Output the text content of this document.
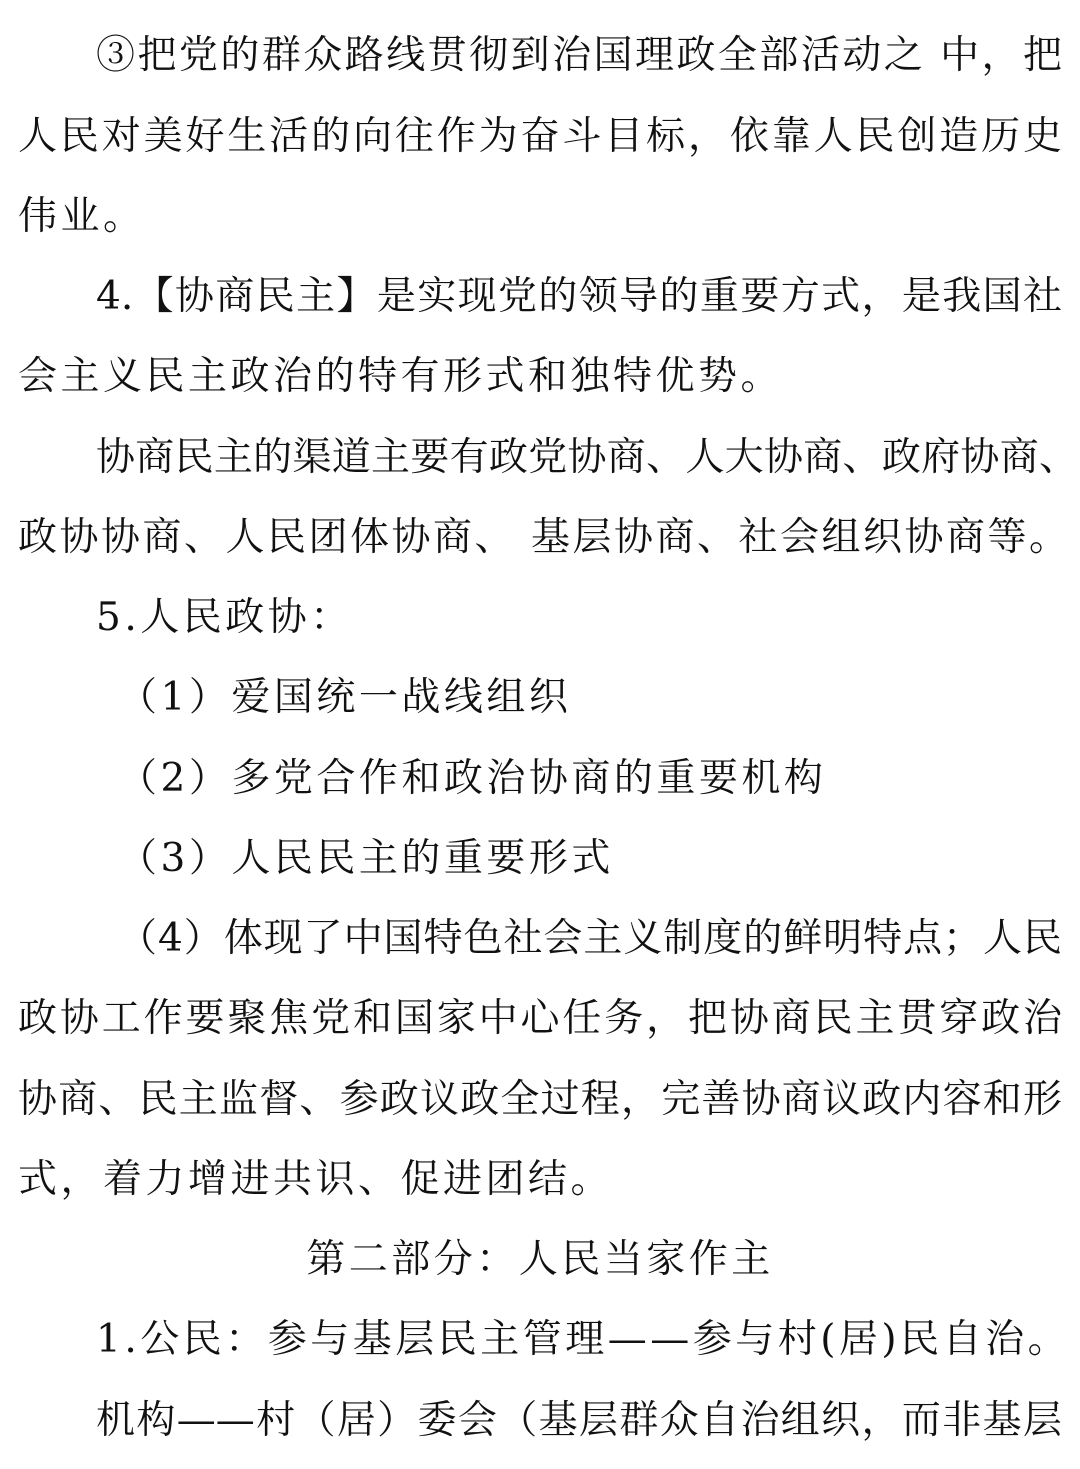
③把党的群众路线贯彻到治国理政全部活动之 中，把
人民对美好生活的向往作为奋斗目标，依靠人民创造历史
伟业。
4.【协商民主】是实现党的领导的重要方式，是我国社
会主义民主政治的特有形式和独特优势。
协商民主的渠道主要有政党协商、人大协商、政府协商、
政协协商、人民团体协商、 基层协商、社会组织协商等。
5.人民政协：
（1）爱国统一战线组织
（2）多党合作和政治协商的重要机构
（3）人民民主的重要形式
（4）体现了中国特色社会主义制度的鲜明特点；人民
政协工作要聚焦党和国家中心任务，把协商民主贯穿政治
协商、民主监督、参政议政全过程，完善协商议政内容和形
式，着力增进共识、促进团结。
第二部分：人民当家作主
1.公民：参与基层民主管理——参与村(居)民自治。
机构——村（居）委会（基层群众自治组织，而非基层
